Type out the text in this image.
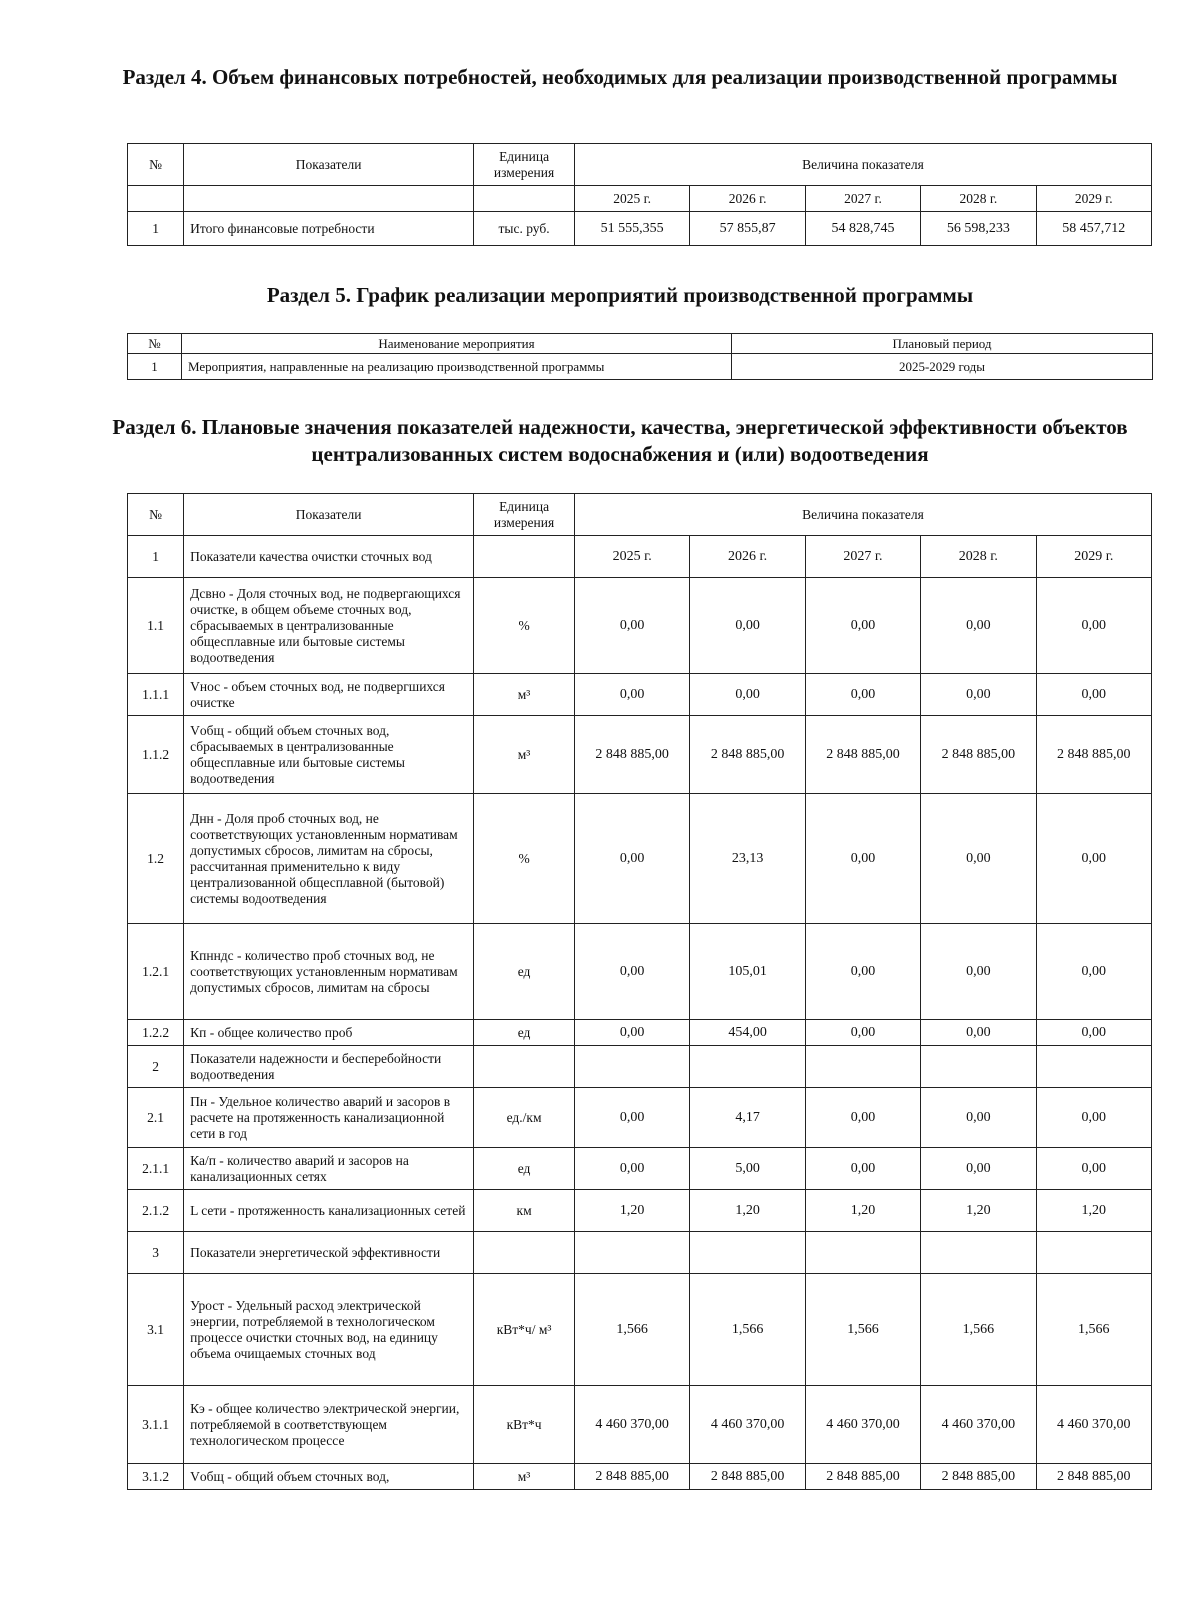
Раздел 4. Объем финансовых потребностей, необходимых для реализации производственной программы
№	Показатели	Единица измерения	Величина показателя				
			2025 г.	2026 г.	2027 г.	2028 г.	2029 г.
1	Итого финансовые потребности	тыс. руб.	51 555,355	57 855,87	54 828,745	56 598,233	58 457,712
Раздел 5. График реализации мероприятий производственной программы
№	Наименование мероприятия	Плановый период
1	Мероприятия, направленные на реализацию производственной программы	2025-2029 годы
Раздел 6. Плановые значения показателей надежности, качества, энергетической эффективности объектов централизованных систем водоснабжения и (или) водоотведения
№	Показатели	Единица измерения	Величина показателя				
1	Показатели качества очистки сточных вод		2025 г.	2026 г.	2027 г.	2028 г.	2029 г.
1.1	Дсвно - Доля сточных вод, не подвергающихся очистке, в общем объеме сточных вод, сбрасываемых в централизованные общесплавные или бытовые системы водоотведения	%	0,00	0,00	0,00	0,00	0,00
1.1.1	Vнос - объем сточных вод, не подвергшихся очистке	м³	0,00	0,00	0,00	0,00	0,00
1.1.2	Vобщ - общий объем сточных вод, сбрасываемых в централизованные общесплавные или бытовые системы водоотведения	м³	2 848 885,00	2 848 885,00	2 848 885,00	2 848 885,00	2 848 885,00
1.2	Днн - Доля проб сточных вод, не соответствующих установленным нормативам допустимых сбросов, лимитам на сбросы, рассчитанная применительно к виду централизованной общесплавной (бытовой) системы водоотведения	%	0,00	23,13	0,00	0,00	0,00
1.2.1	Кпнндс - количество проб сточных вод, не соответствующих установленным нормативам допустимых сбросов, лимитам на сбросы	ед	0,00	105,01	0,00	0,00	0,00
1.2.2	Кп - общее количество проб	ед	0,00	454,00	0,00	0,00	0,00
2	Показатели надежности и бесперебойности водоотведения						
2.1	Пн - Удельное количество аварий и засоров в расчете на протяженность канализационной сети в год	ед./км	0,00	4,17	0,00	0,00	0,00
2.1.1	Ка/п - количество аварий и засоров на канализационных сетях	ед	0,00	5,00	0,00	0,00	0,00
2.1.2	L сети - протяженность канализационных сетей	км	1,20	1,20	1,20	1,20	1,20
3	Показатели энергетической эффективности						
3.1	Урост - Удельный расход электрической энергии, потребляемой в технологическом процессе очистки сточных вод, на единицу объема очищаемых сточных вод	кВт*ч/ м³	1,566	1,566	1,566	1,566	1,566
3.1.1	Кэ - общее количество электрической энергии, потребляемой в соответствующем технологическом процессе	кВт*ч	4 460 370,00	4 460 370,00	4 460 370,00	4 460 370,00	4 460 370,00
3.1.2	Vобщ - общий объем сточных вод,	м³	2 848 885,00	2 848 885,00	2 848 885,00	2 848 885,00	2 848 885,00
